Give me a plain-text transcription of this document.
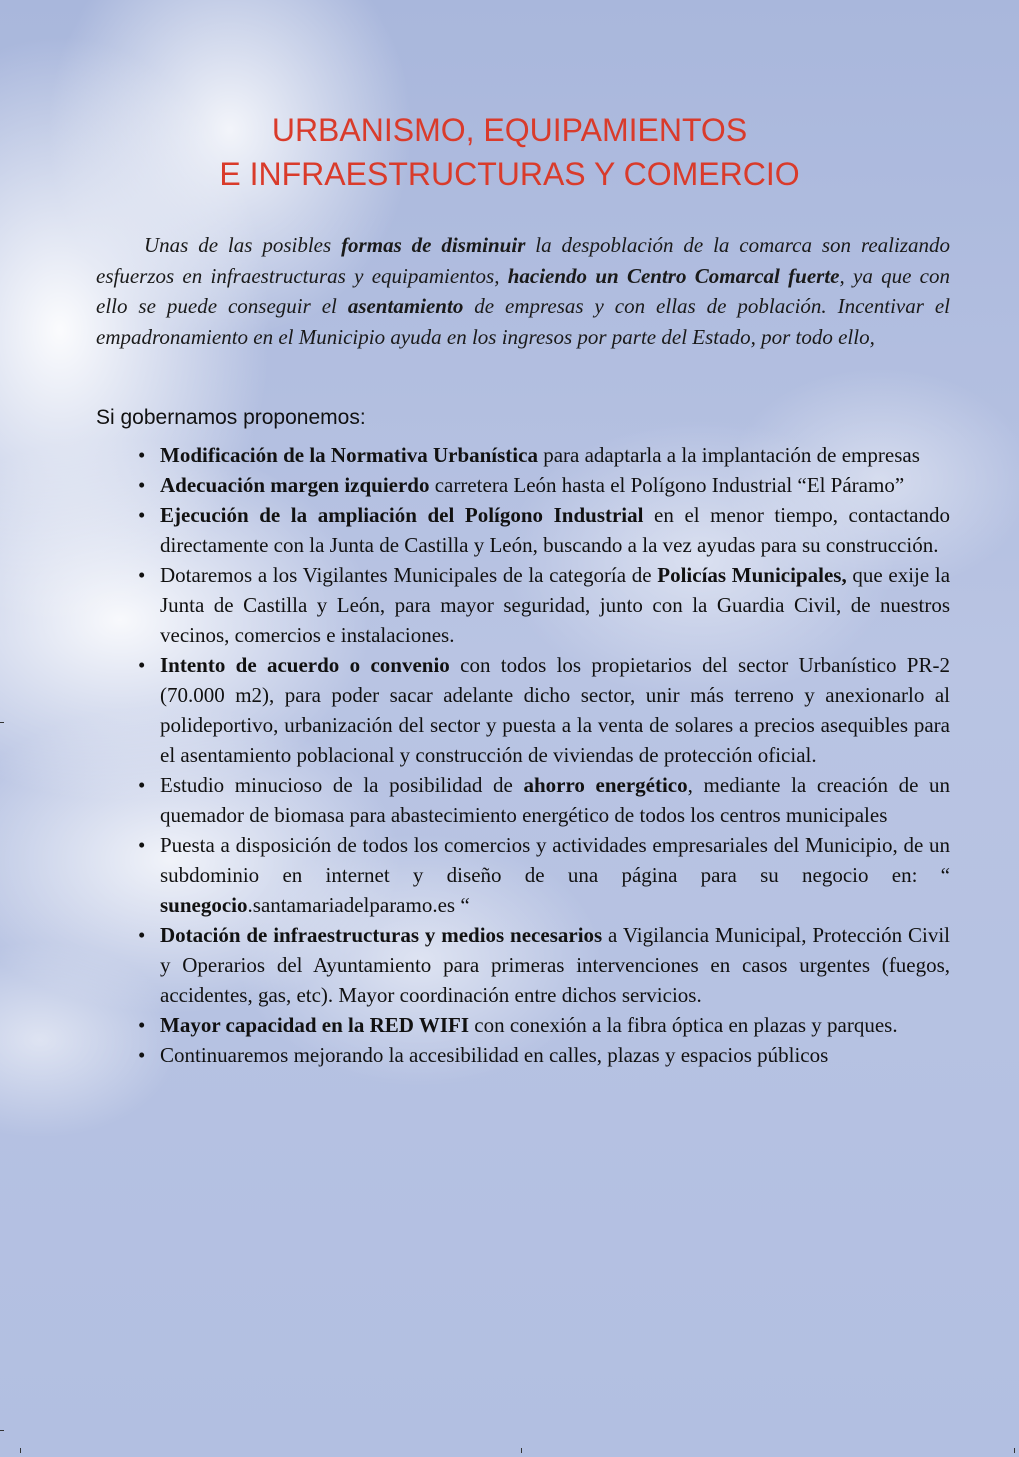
URBANISMO, EQUIPAMIENTOS
E INFRAESTRUCTURAS Y COMERCIO

Unas de las posibles formas de disminuir la despoblación de la comarca son realizando esfuerzos en infraestructuras y equipamientos, haciendo un Centro Comarcal fuerte, ya que con ello se puede conseguir el asentamiento de empresas y con ellas de población. Incentivar el empadronamiento en el Municipio ayuda en los ingresos por parte del Estado, por todo ello,

Si gobernamos proponemos:
• Modificación de la Normativa Urbanística para adaptarla a la implantación de empresas
• Adecuación margen izquierdo carretera León hasta el Polígono Industrial “El Páramo”
• Ejecución de la ampliación del Polígono Industrial en el menor tiempo, contactando directamente con la Junta de Castilla y León, buscando a la vez ayudas para su construcción.
• Dotaremos a los Vigilantes Municipales de la categoría de Policías Municipales, que exije la Junta de Castilla y León, para mayor seguridad, junto con la Guardia Civil, de nuestros vecinos, comercios e instalaciones.
• Intento de acuerdo o convenio con todos los propietarios del sector Urbanístico PR-2 (70.000 m2), para poder sacar adelante dicho sector, unir más terreno y anexionarlo al polideportivo, urbanización del sector y puesta a la venta de solares a precios asequibles para el asentamiento poblacional y construcción de viviendas de protección oficial.
• Estudio minucioso de la posibilidad de ahorro energético, mediante la creación de un quemador de biomasa para abastecimiento energético de todos los centros municipales
• Puesta a disposición de todos los comercios y actividades empresariales del Municipio, de un subdominio en internet y diseño de una página para su negocio en: “ sunegocio.santamariadelparamo.es “
• Dotación de infraestructuras y medios necesarios a Vigilancia Municipal, Protección Civil y Operarios del Ayuntamiento para primeras intervenciones en casos urgentes (fuegos, accidentes, gas, etc). Mayor coordinación entre dichos servicios.
• Mayor capacidad en la RED WIFI con conexión a la fibra óptica en plazas y parques.
• Continuaremos mejorando la accesibilidad en calles, plazas y espacios públicos
